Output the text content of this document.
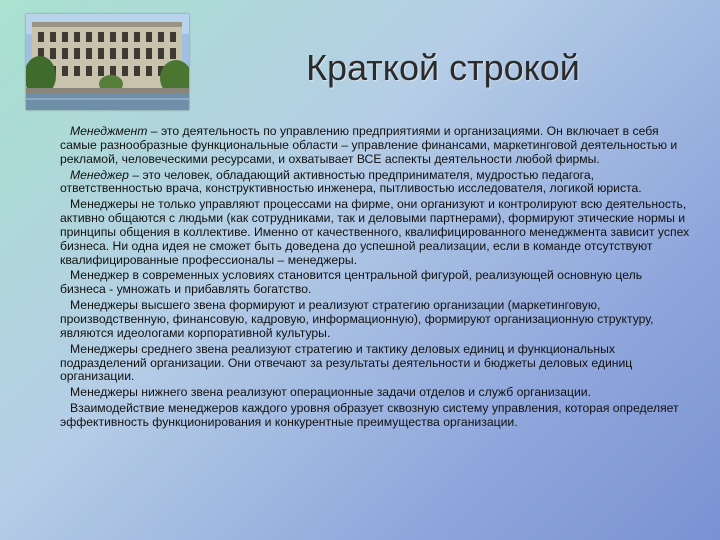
Краткой строкой

Менеджмент – это деятельность по управлению предприятиями и организациями. Он включает в себя самые разнообразные функциональные области – управление финансами, маркетинговой деятельностью и рекламой, человеческими ресурсами, и охватывает ВСЕ аспекты деятельности любой фирмы.

Менеджер – это человек, обладающий активностью предпринимателя, мудростью педагога, ответственностью врача, конструктивностью инженера, пытливостью исследователя, логикой юриста.

Менеджеры не только управляют процессами на фирме, они организуют и контролируют всю деятельность, активно общаются с людьми (как сотрудниками, так и деловыми партнерами), формируют этические нормы и принципы общения в коллективе. Именно от качественного, квалифицированного менеджмента зависит успех бизнеса. Ни одна идея не сможет быть доведена до успешной реализации, если в команде отсутствуют квалифицированные профессионалы – менеджеры.

Менеджер в современных условиях становится центральной фигурой, реализующей основную цель бизнеса - умножать и прибавлять богатство.

Менеджеры высшего звена формируют и реализуют стратегию организации (маркетинговую, производственную, финансовую, кадровую, информационную), формируют организационную структуру, являются идеологами корпоративной культуры.

Менеджеры среднего звена реализуют стратегию и тактику деловых единиц и функциональных подразделений организации. Они отвечают за результаты деятельности и бюджеты деловых единиц организации.

Менеджеры нижнего звена реализуют операционные задачи отделов и служб организации.

Взаимодействие менеджеров каждого уровня образует сквозную систему управления, которая определяет эффективность функционирования и конкурентные преимущества организации.
